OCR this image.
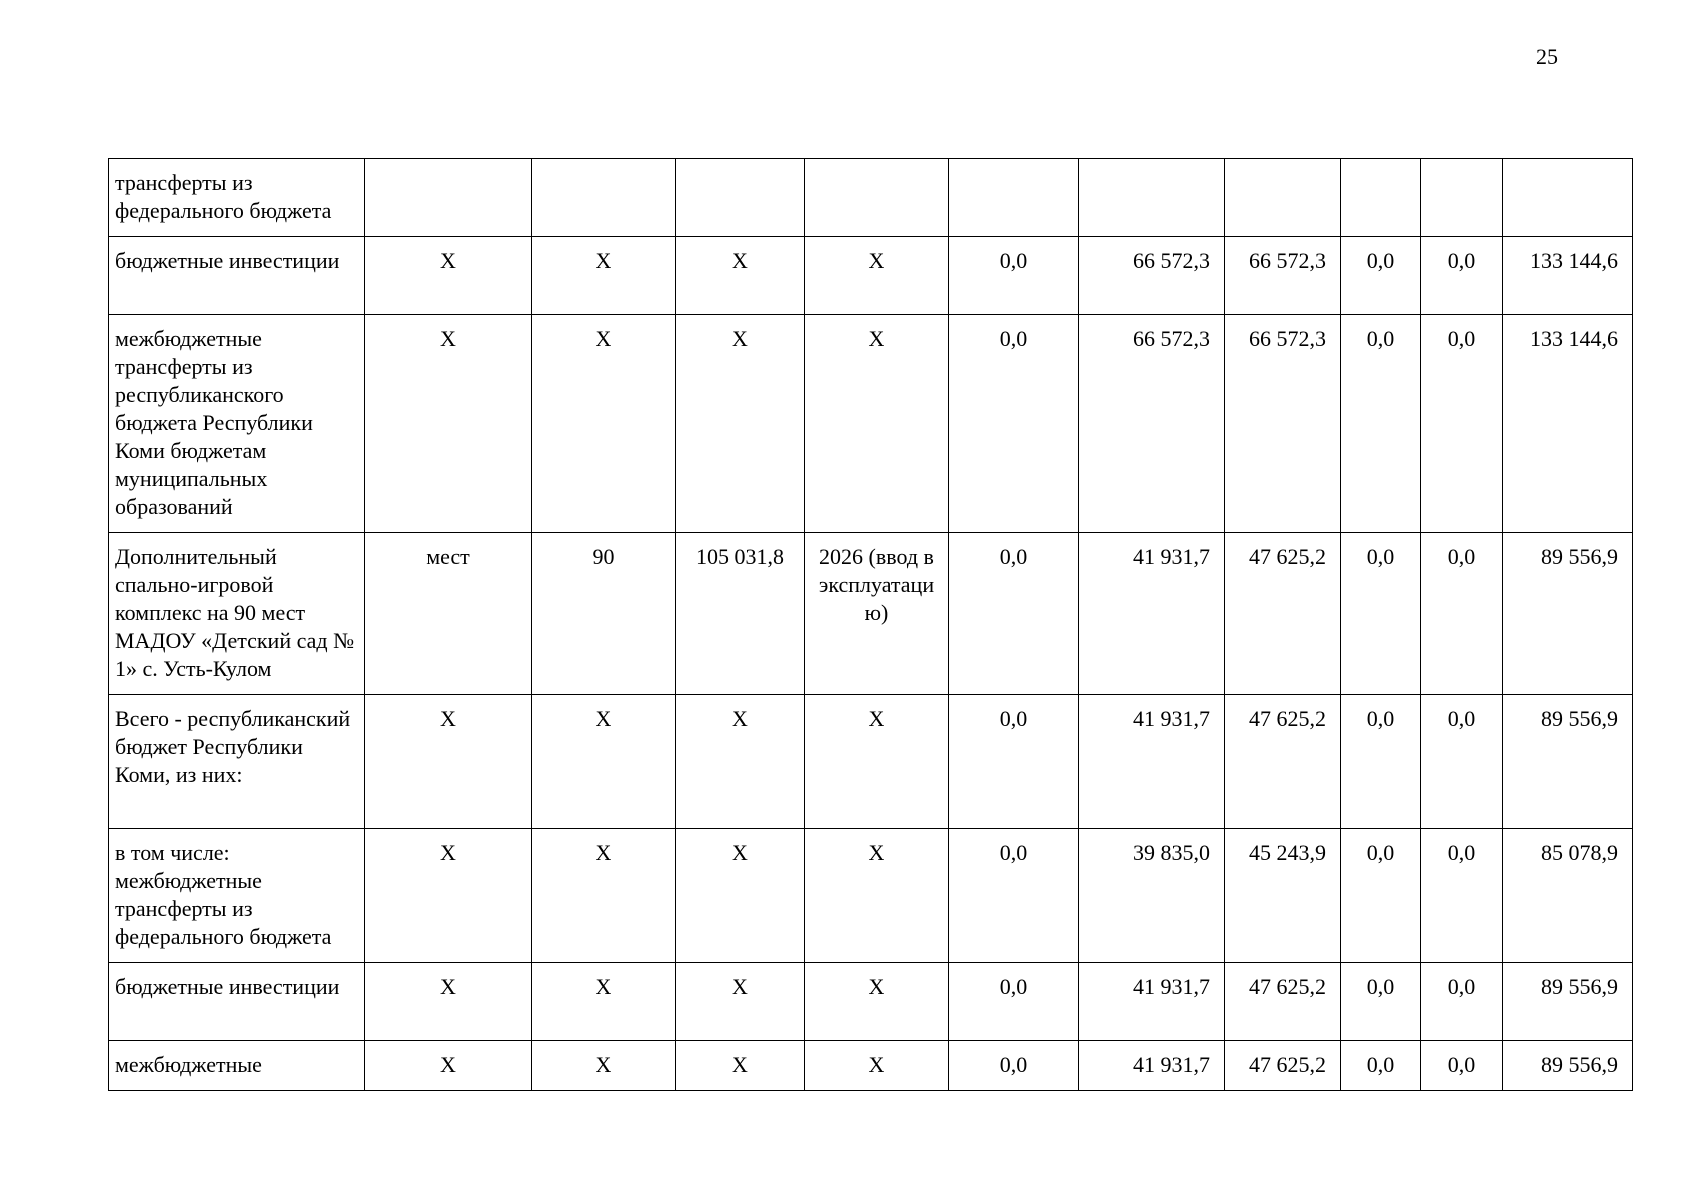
25
трансферты из федерального бюджета										
бюджетные инвестиции	Х	Х	Х	Х	0,0	66 572,3	66 572,3	0,0	0,0	133 144,6
межбюджетные трансферты из республиканского бюджета Республики Коми бюджетам муниципальных образований	Х	Х	Х	Х	0,0	66 572,3	66 572,3	0,0	0,0	133 144,6
Дополнительный спально-игровой комплекс на 90 мест МАДОУ «Детский сад № 1» с. Усть-Кулом	мест	90	105 031,8	2026 (ввод в эксплуатацию)	0,0	41 931,7	47 625,2	0,0	0,0	89 556,9
Всего - республиканский бюджет Республики Коми, из них:	Х	Х	Х	Х	0,0	41 931,7	47 625,2	0,0	0,0	89 556,9
в том числе: межбюджетные трансферты из федерального бюджета	Х	Х	Х	Х	0,0	39 835,0	45 243,9	0,0	0,0	85 078,9
бюджетные инвестиции	Х	Х	Х	Х	0,0	41 931,7	47 625,2	0,0	0,0	89 556,9
межбюджетные	Х	Х	Х	Х	0,0	41 931,7	47 625,2	0,0	0,0	89 556,9
